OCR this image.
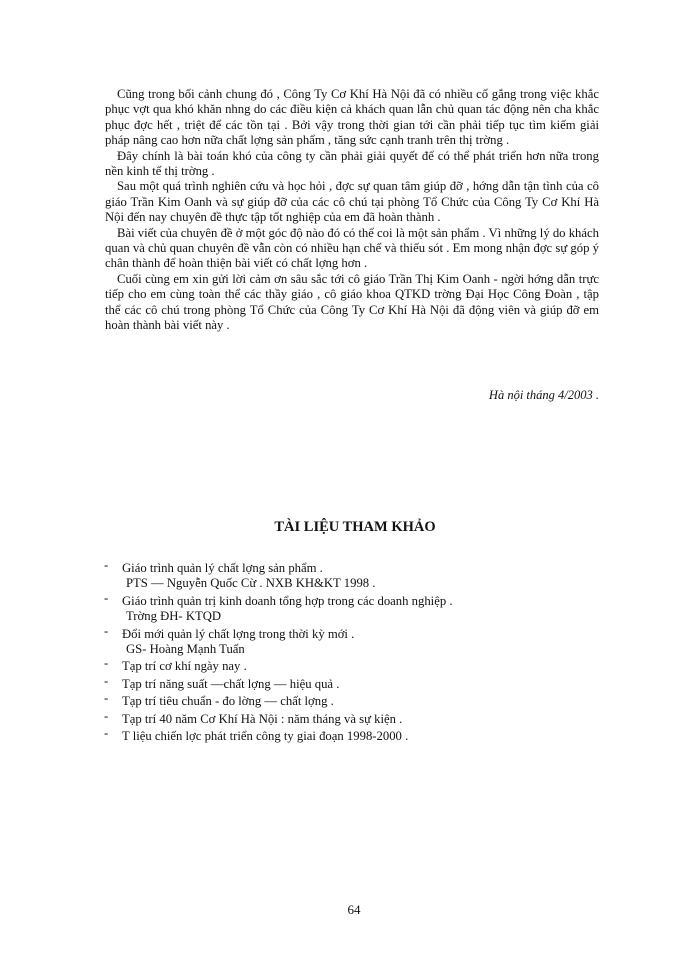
Cũng trong bối cảnh chung đó , Công Ty Cơ Khí Hà Nội đã có nhiều cố gắng trong việc khắc phục vợt qua khó khăn nhng do các điều kiện cả khách quan lẫn chủ quan tác động nên cha khắc phục đợc hết , triệt để các tồn tại . Bởi vậy trong thời gian tới cần phải tiếp tục tìm kiếm giải pháp nâng cao hơn nữa chất lợng sản phẩm , tăng sức cạnh tranh trên thị trờng .

Đây chính là bài toán khó của công ty cần phải giải quyết để có thể phát triển hơn nữa trong nền kinh tế thị trờng .

Sau một quá trình nghiên cứu và học hỏi , đợc sự quan tâm giúp đỡ , hớng dẫn tận tình của cô giáo Trần Kim Oanh và sự giúp đỡ của các cô chú tại phòng Tổ Chức của Công Ty Cơ Khí Hà Nội đến nay chuyên đề thực tập tốt nghiệp của em đã hoàn thành .

Bài viết của chuyên đề ở một góc độ nào đó có thể coi là một sản phẩm . Vì những lý do khách quan và chủ quan chuyên đề vẫn còn có nhiều hạn chế và thiếu sót . Em mong nhận đợc sự góp ý chân thành để hoàn thiện bài viết có chất lợng hơn .

Cuối cùng em xin gửi lời cảm ơn sâu sắc tới cô giáo Trần Thị Kim Oanh - ngời hớng dẫn trực tiếp cho em cùng toàn thể các thầy giáo , cô giáo khoa QTKD trờng Đại Học Công Đoàn , tập thể các cô chú trong phòng Tổ Chức của Công Ty Cơ Khí Hà Nội đã động viên và giúp đỡ em hoàn thành bài viết này .

Hà nội tháng 4/2003 .
TÀI LIỆU THAM KHẢO
- Giáo trình quản lý chất lợng sản phẩm .
PTS — Nguyễn Quốc Cừ . NXB KH&KT 1998 .
- Giáo trình quản trị kinh doanh tổng hợp trong các doanh nghiệp .
Trờng ĐH- KTQD
- Đổi mới quản lý chất lợng trong thời kỳ mới .
GS- Hoàng Mạnh Tuấn
- Tạp trí cơ khí ngày nay .
- Tạp trí năng suất —chất lợng — hiệu quả .
- Tạp trí tiêu chuẩn - đo lờng — chất lợng .
- Tạp trí 40 năm Cơ Khí Hà Nội : năm tháng và sự kiện .
- T liệu chiến lợc phát triển công ty giai đoạn 1998-2000 .
64
